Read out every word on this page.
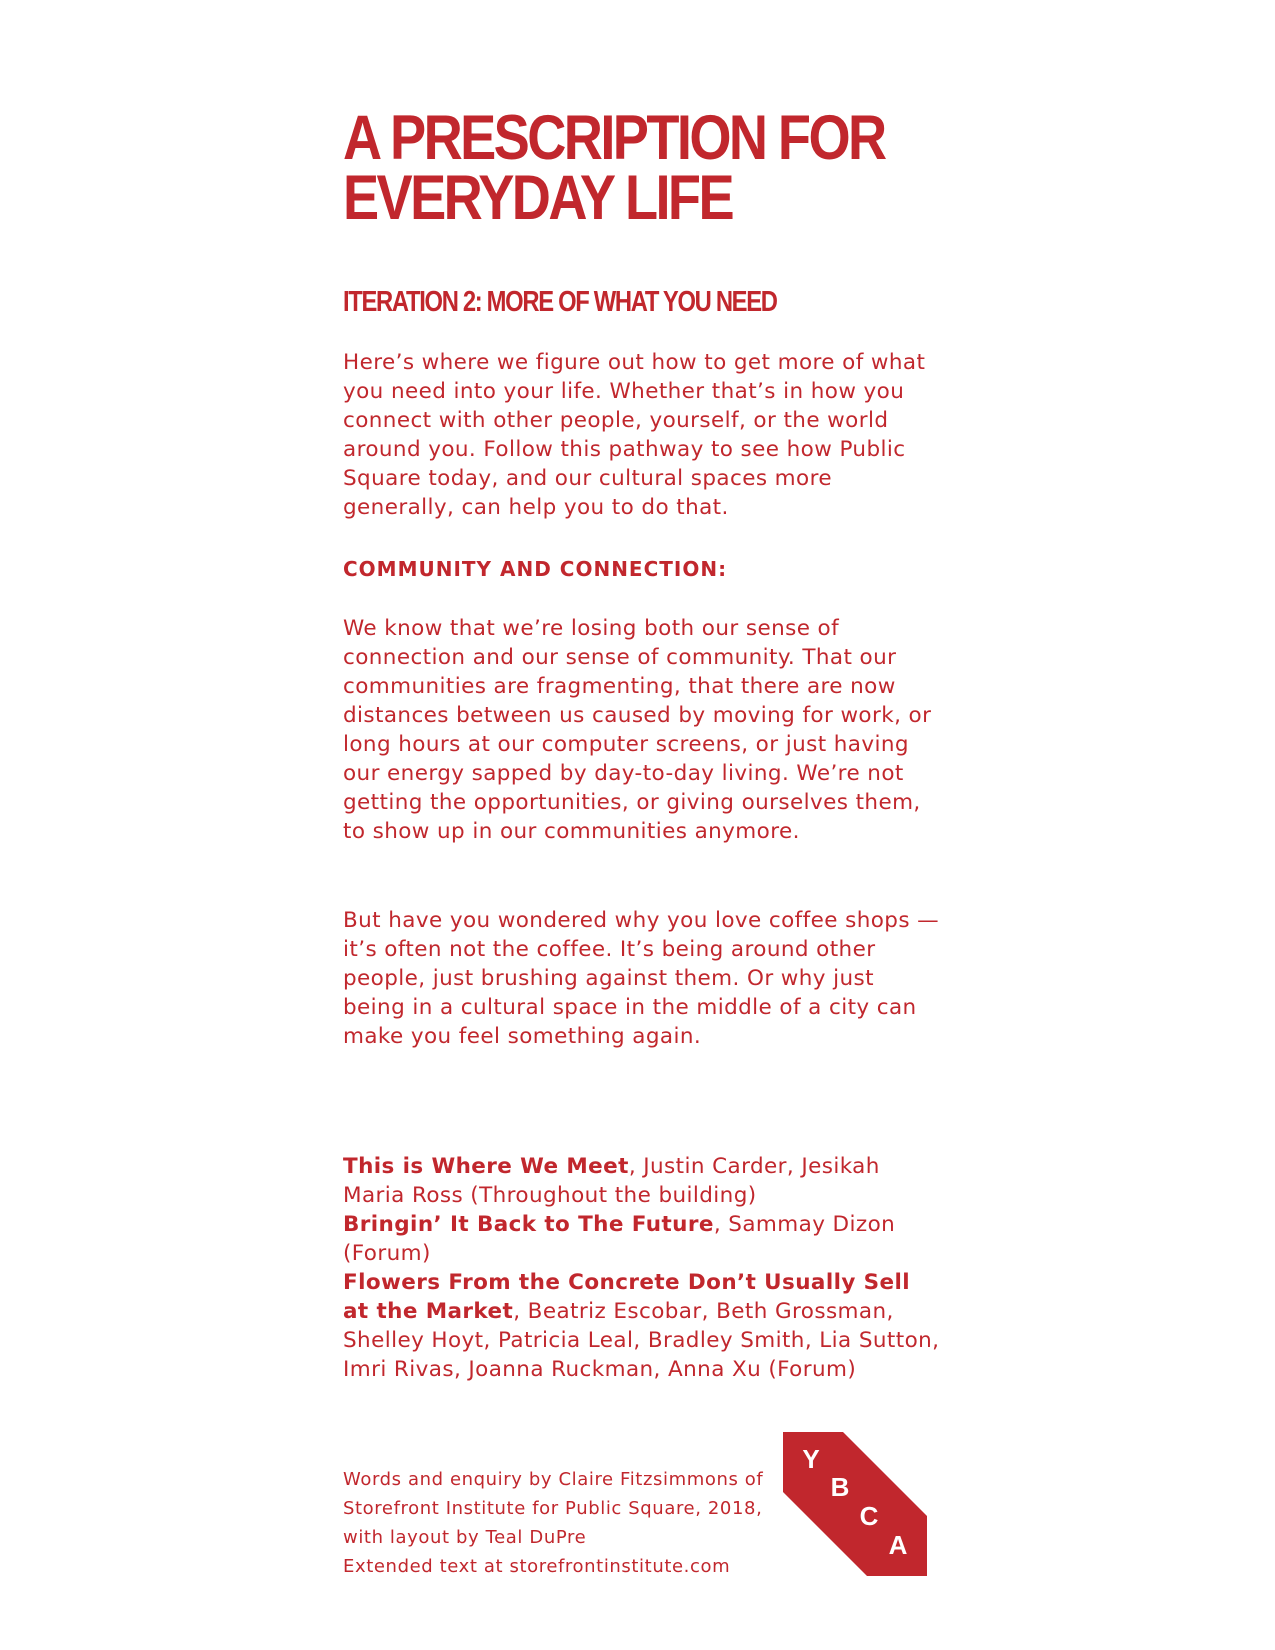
A PRESCRIPTION FOR
EVERYDAY LIFE
ITERATION 2: MORE OF WHAT YOU NEED

Here’s where we figure out how to get more of what you need into your life. Whether that’s in how you connect with other people, yourself, or the world around you. Follow this pathway to see how Public Square today, and our cultural spaces more generally, can help you to do that.

COMMUNITY AND CONNECTION:

We know that we’re losing both our sense of connection and our sense of community. That our communities are fragmenting, that there are now distances between us caused by moving for work, or long hours at our computer screens, or just having our energy sapped by day-to-day living. We’re not getting the opportunities, or giving ourselves them, to show up in our communities anymore.

But have you wondered why you love coffee shops — it’s often not the coffee. It’s being around other people, just brushing against them. Or why just being in a cultural space in the middle of a city can make you feel something again.

This is Where We Meet, Justin Carder, Jesikah Maria Ross (Throughout the building)
Bringin’ It Back to The Future, Sammay Dizon (Forum)
Flowers From the Concrete Don’t Usually Sell at the Market, Beatriz Escobar, Beth Grossman, Shelley Hoyt, Patricia Leal, Bradley Smith, Lia Sutton, Imri Rivas, Joanna Ruckman, Anna Xu (Forum)
Words and enquiry by Claire Fitzsimmons of
Storefront Institute for Public Square, 2018,
with layout by Teal DuPre
Extended text at storefrontinstitute.com
Y
B
C
A
